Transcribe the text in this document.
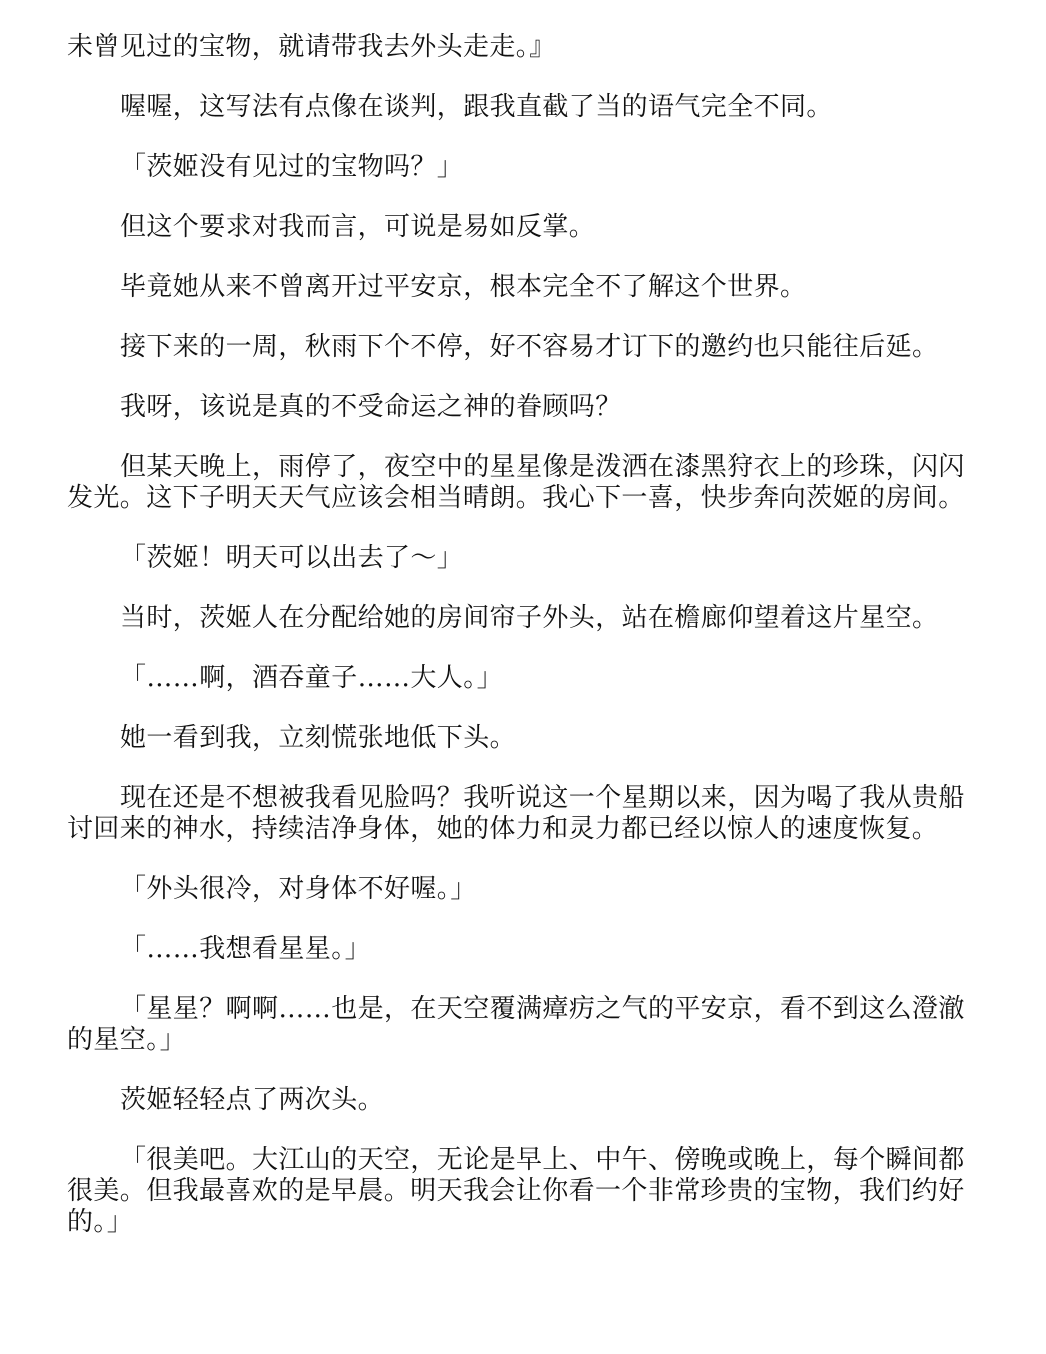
未曾见过的宝物，就请带我去外头走走。』

喔喔，这写法有点像在谈判，跟我直截了当的语气完全不同。

「茨姬没有见过的宝物吗？」

但这个要求对我而言，可说是易如反掌。

毕竟她从来不曾离开过平安京，根本完全不了解这个世界。

接下来的一周，秋雨下个不停，好不容易才订下的邀约也只能往后延。

我呀，该说是真的不受命运之神的眷顾吗？

但某天晚上，雨停了，夜空中的星星像是泼洒在漆黑狩衣上的珍珠，闪闪发光。这下子明天天气应该会相当晴朗。我心下一喜，快步奔向茨姬的房间。

「茨姬！明天可以出去了～」

当时，茨姬人在分配给她的房间帘子外头，站在檐廊仰望着这片星空。

「……啊，酒吞童子……大人。」

她一看到我，立刻慌张地低下头。

现在还是不想被我看见脸吗？我听说这一个星期以来，因为喝了我从贵船讨回来的神水，持续洁净身体，她的体力和灵力都已经以惊人的速度恢复。

「外头很冷，对身体不好喔。」

「……我想看星星。」

「星星？啊啊……也是，在天空覆满瘴疠之气的平安京，看不到这么澄澈的星空。」

茨姬轻轻点了两次头。

「很美吧。大江山的天空，无论是早上、中午、傍晚或晚上，每个瞬间都很美。但我最喜欢的是早晨。明天我会让你看一个非常珍贵的宝物，我们约好的。」
